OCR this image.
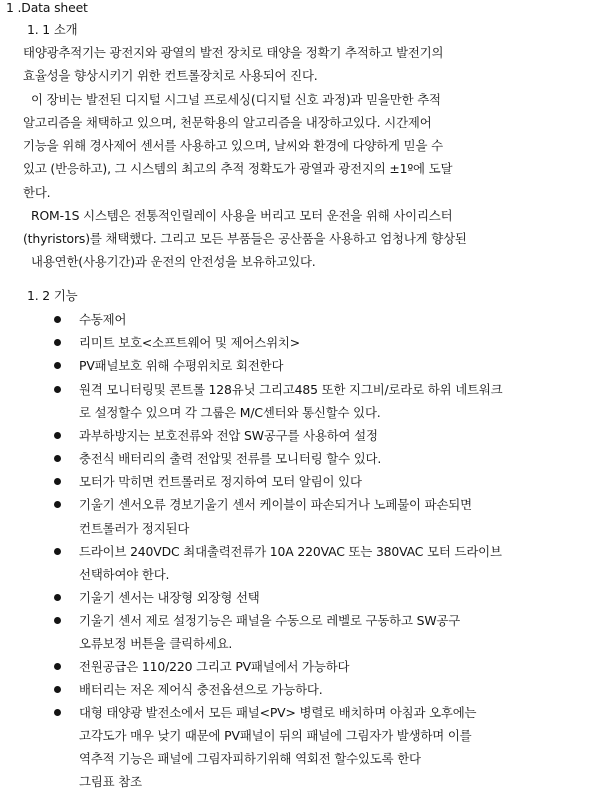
1 .Data sheet
1. 1 소개
태양광추적기는 광전지와 광열의 발전 장치로 태양을 정확기 추적하고 발전기의
효율성을 향상시키기 위한 컨트롤장치로 사용되어 진다.
이 장비는 발전된 디지털 시그널 프로세싱(디지털 신호 과정)과 믿을만한 추적
알고리즘을 채택하고 있으며, 천문학용의 알고리즘을 내장하고있다. 시간제어
기능을 위해 경사제어 센서를 사용하고 있으며, 날씨와 환경에 다양하게 믿을 수
있고 (반응하고), 그 시스템의 최고의 추적 정확도가 광열과 광전지의 ±1º에 도달
한다.
ROM-1S 시스템은 전통적인릴레이 사용을 버리고 모터 운전을 위해 사이리스터
(thyristors)를 채택했다. 그리고 모든 부품들은 공산품을 사용하고 엄청나게 향상된
내용연한(사용기간)과 운전의 안전성을 보유하고있다.
1. 2 기능
수동제어
리미트 보호<소프트웨어 및 제어스위치>
PV패널보호 위해 수평위치로 회전한다
원격 모니터링및 콘트롤 128유닛 그리고485 또한 지그비/로라로 하위 네트워크
로 설정할수 있으며 각 그룹은 M/C센터와 통신할수 있다.
과부하방지는 보호전류와 전압 SW공구를 사용하여 설정
충전식 배터리의 출력 전압및 전류를 모니터링 할수 있다.
모터가 막히면 컨트롤러로 정지하여 모터 알림이 있다
기울기 센서오류 경보기울기 센서 케이블이 파손되거나 노페물이 파손되면
컨트롤러가 정지된다
드라이브 240VDC 최대출력전류가 10A 220VAC 또는 380VAC 모터 드라이브
선택하여야 한다.
기울기 센서는 내장형 외장형 선택
기울기 센서 제로 설정기능은 패널을 수동으로 레벨로 구동하고 SW공구
오류보정 버튼을 클릭하세요.
전원공급은 110/220 그리고 PV패널에서 가능하다
배터리는 저온 제어식 충전옵션으로 가능하다.
대형 태양광 발전소에서 모든 패널<PV> 병렬로 배치하며 아침과 오후에는
고각도가 매우 낮기 때문에 PV패널이 뒤의 패널에 그림자가 발생하며 이를
역추적 기능은 패널에 그림자피하기위해 역회전 할수있도록 한다
그림표 참조
